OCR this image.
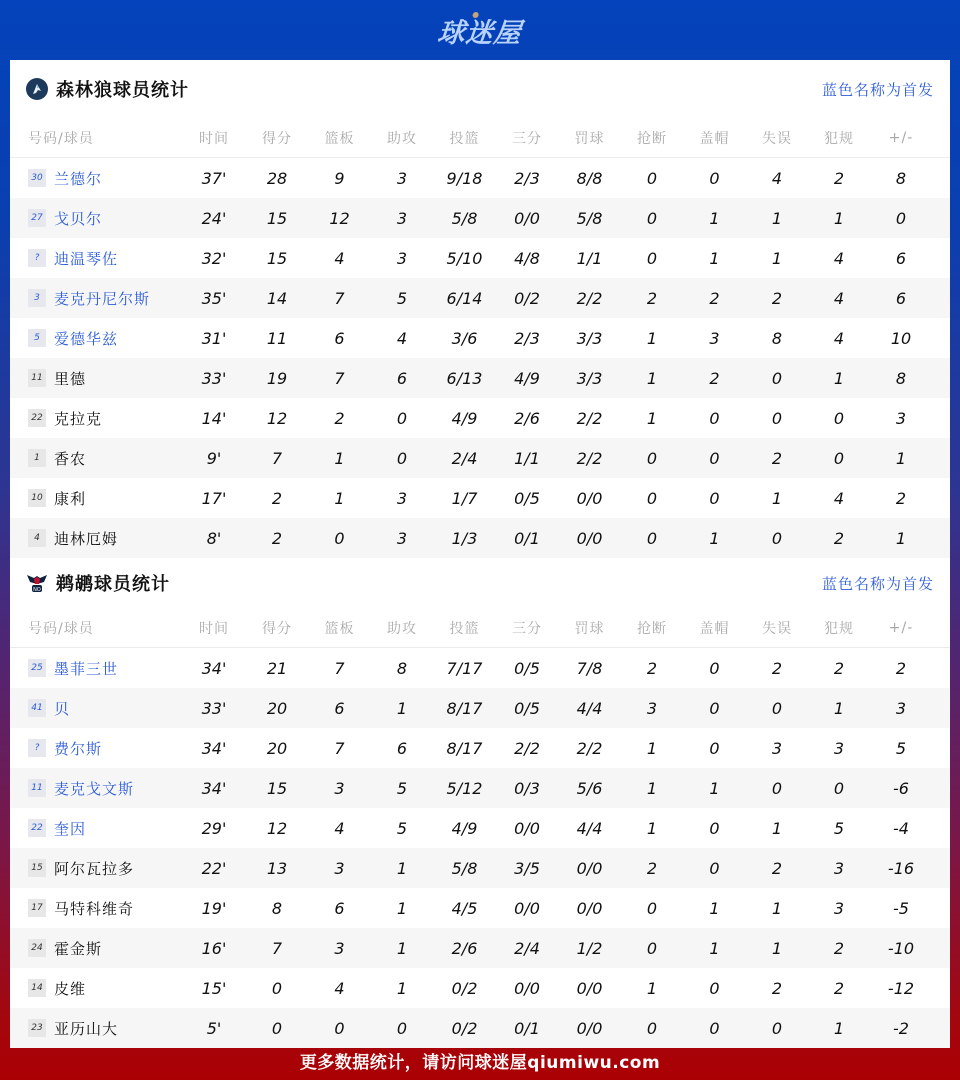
球迷屋
森林狼球员统计	蓝色名称为首发
号码/球员	时间	得分	篮板	助攻	投篮	三分	罚球	抢断	盖帽	失误	犯规	+/-
30 兰德尔	37'	28	9	3	9/18	2/3	8/8	0	0	4	2	8
27 戈贝尔	24'	15	12	3	5/8	0/0	5/8	0	1	1	1	0
? 迪温琴佐	32'	15	4	3	5/10	4/8	1/1	0	1	1	4	6
3 麦克丹尼尔斯	35'	14	7	5	6/14	0/2	2/2	2	2	2	4	6
5 爱德华兹	31'	11	6	4	3/6	2/3	3/3	1	3	8	4	10
11 里德	33'	19	7	6	6/13	4/9	3/3	1	2	0	1	8
22 克拉克	14'	12	2	0	4/9	2/6	2/2	1	0	0	0	3
1 香农	9'	7	1	0	2/4	1/1	2/2	0	0	2	0	1
10 康利	17'	2	1	3	1/7	0/5	0/0	0	0	1	4	2
4 迪林厄姆	8'	2	0	3	1/3	0/1	0/0	0	1	0	2	1
NO 鹈鹕球员统计	蓝色名称为首发
号码/球员	时间	得分	篮板	助攻	投篮	三分	罚球	抢断	盖帽	失误	犯规	+/-
25 墨菲三世	34'	21	7	8	7/17	0/5	7/8	2	0	2	2	2
41 贝	33'	20	6	1	8/17	0/5	4/4	3	0	0	1	3
? 费尔斯	34'	20	7	6	8/17	2/2	2/2	1	0	3	3	5
11 麦克戈文斯	34'	15	3	5	5/12	0/3	5/6	1	1	0	0	-6
22 奎因	29'	12	4	5	4/9	0/0	4/4	1	0	1	5	-4
15 阿尔瓦拉多	22'	13	3	1	5/8	3/5	0/0	2	0	2	3	-16
17 马特科维奇	19'	8	6	1	4/5	0/0	0/0	0	1	1	3	-5
24 霍金斯	16'	7	3	1	2/6	2/4	1/2	0	1	1	2	-10
14 皮维	15'	0	4	1	0/2	0/0	0/0	1	0	2	2	-12
23 亚历山大	5'	0	0	0	0/2	0/1	0/0	0	0	0	1	-2
更多数据统计，请访问球迷屋qiumiwu.com
